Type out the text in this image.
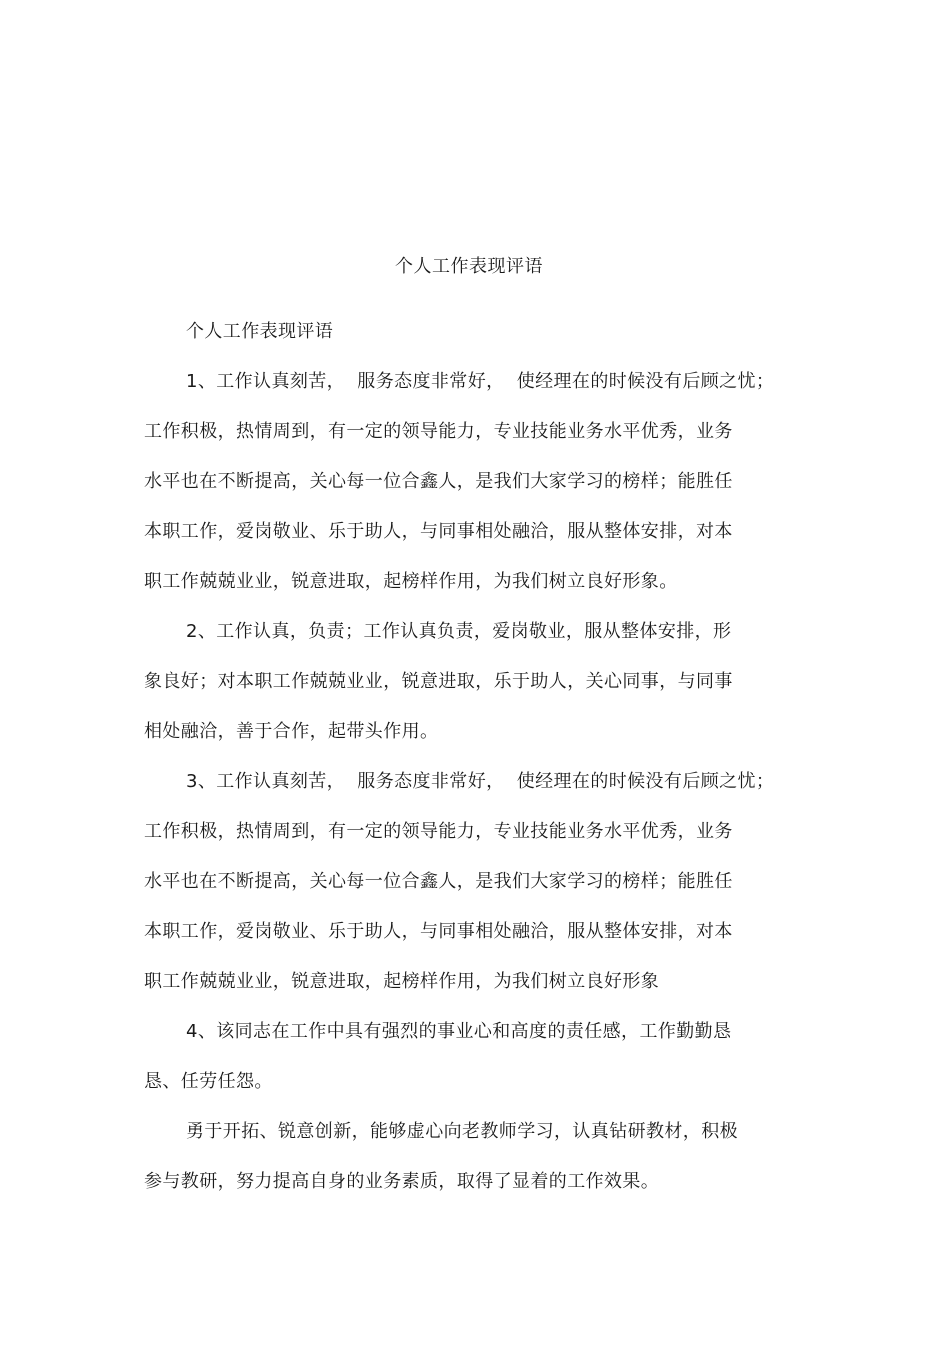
个人工作表现评语
个人工作表现评语
1、工作认真刻苦，  服务态度非常好，  使经理在的时候没有后顾之忧；
工作积极，热情周到，有一定的领导能力，专业技能业务水平优秀，业务
水平也在不断提高，关心每一位合鑫人，是我们大家学习的榜样；能胜任
本职工作，爱岗敬业、乐于助人，与同事相处融洽，服从整体安排，对本
职工作兢兢业业，锐意进取，起榜样作用，为我们树立良好形象。
2、工作认真，负责；工作认真负责，爱岗敬业，服从整体安排，形
象良好；对本职工作兢兢业业，锐意进取，乐于助人，关心同事，与同事
相处融洽，善于合作，起带头作用。
3、工作认真刻苦，  服务态度非常好，  使经理在的时候没有后顾之忧；
工作积极，热情周到，有一定的领导能力，专业技能业务水平优秀，业务
水平也在不断提高，关心每一位合鑫人，是我们大家学习的榜样；能胜任
本职工作，爱岗敬业、乐于助人，与同事相处融洽，服从整体安排，对本
职工作兢兢业业，锐意进取，起榜样作用，为我们树立良好形象
4、该同志在工作中具有强烈的事业心和高度的责任感，工作勤勤恳
恳、任劳任怨。
勇于开拓、锐意创新，能够虚心向老教师学习，认真钻研教材，积极
参与教研，努力提高自身的业务素质，取得了显着的工作效果。
